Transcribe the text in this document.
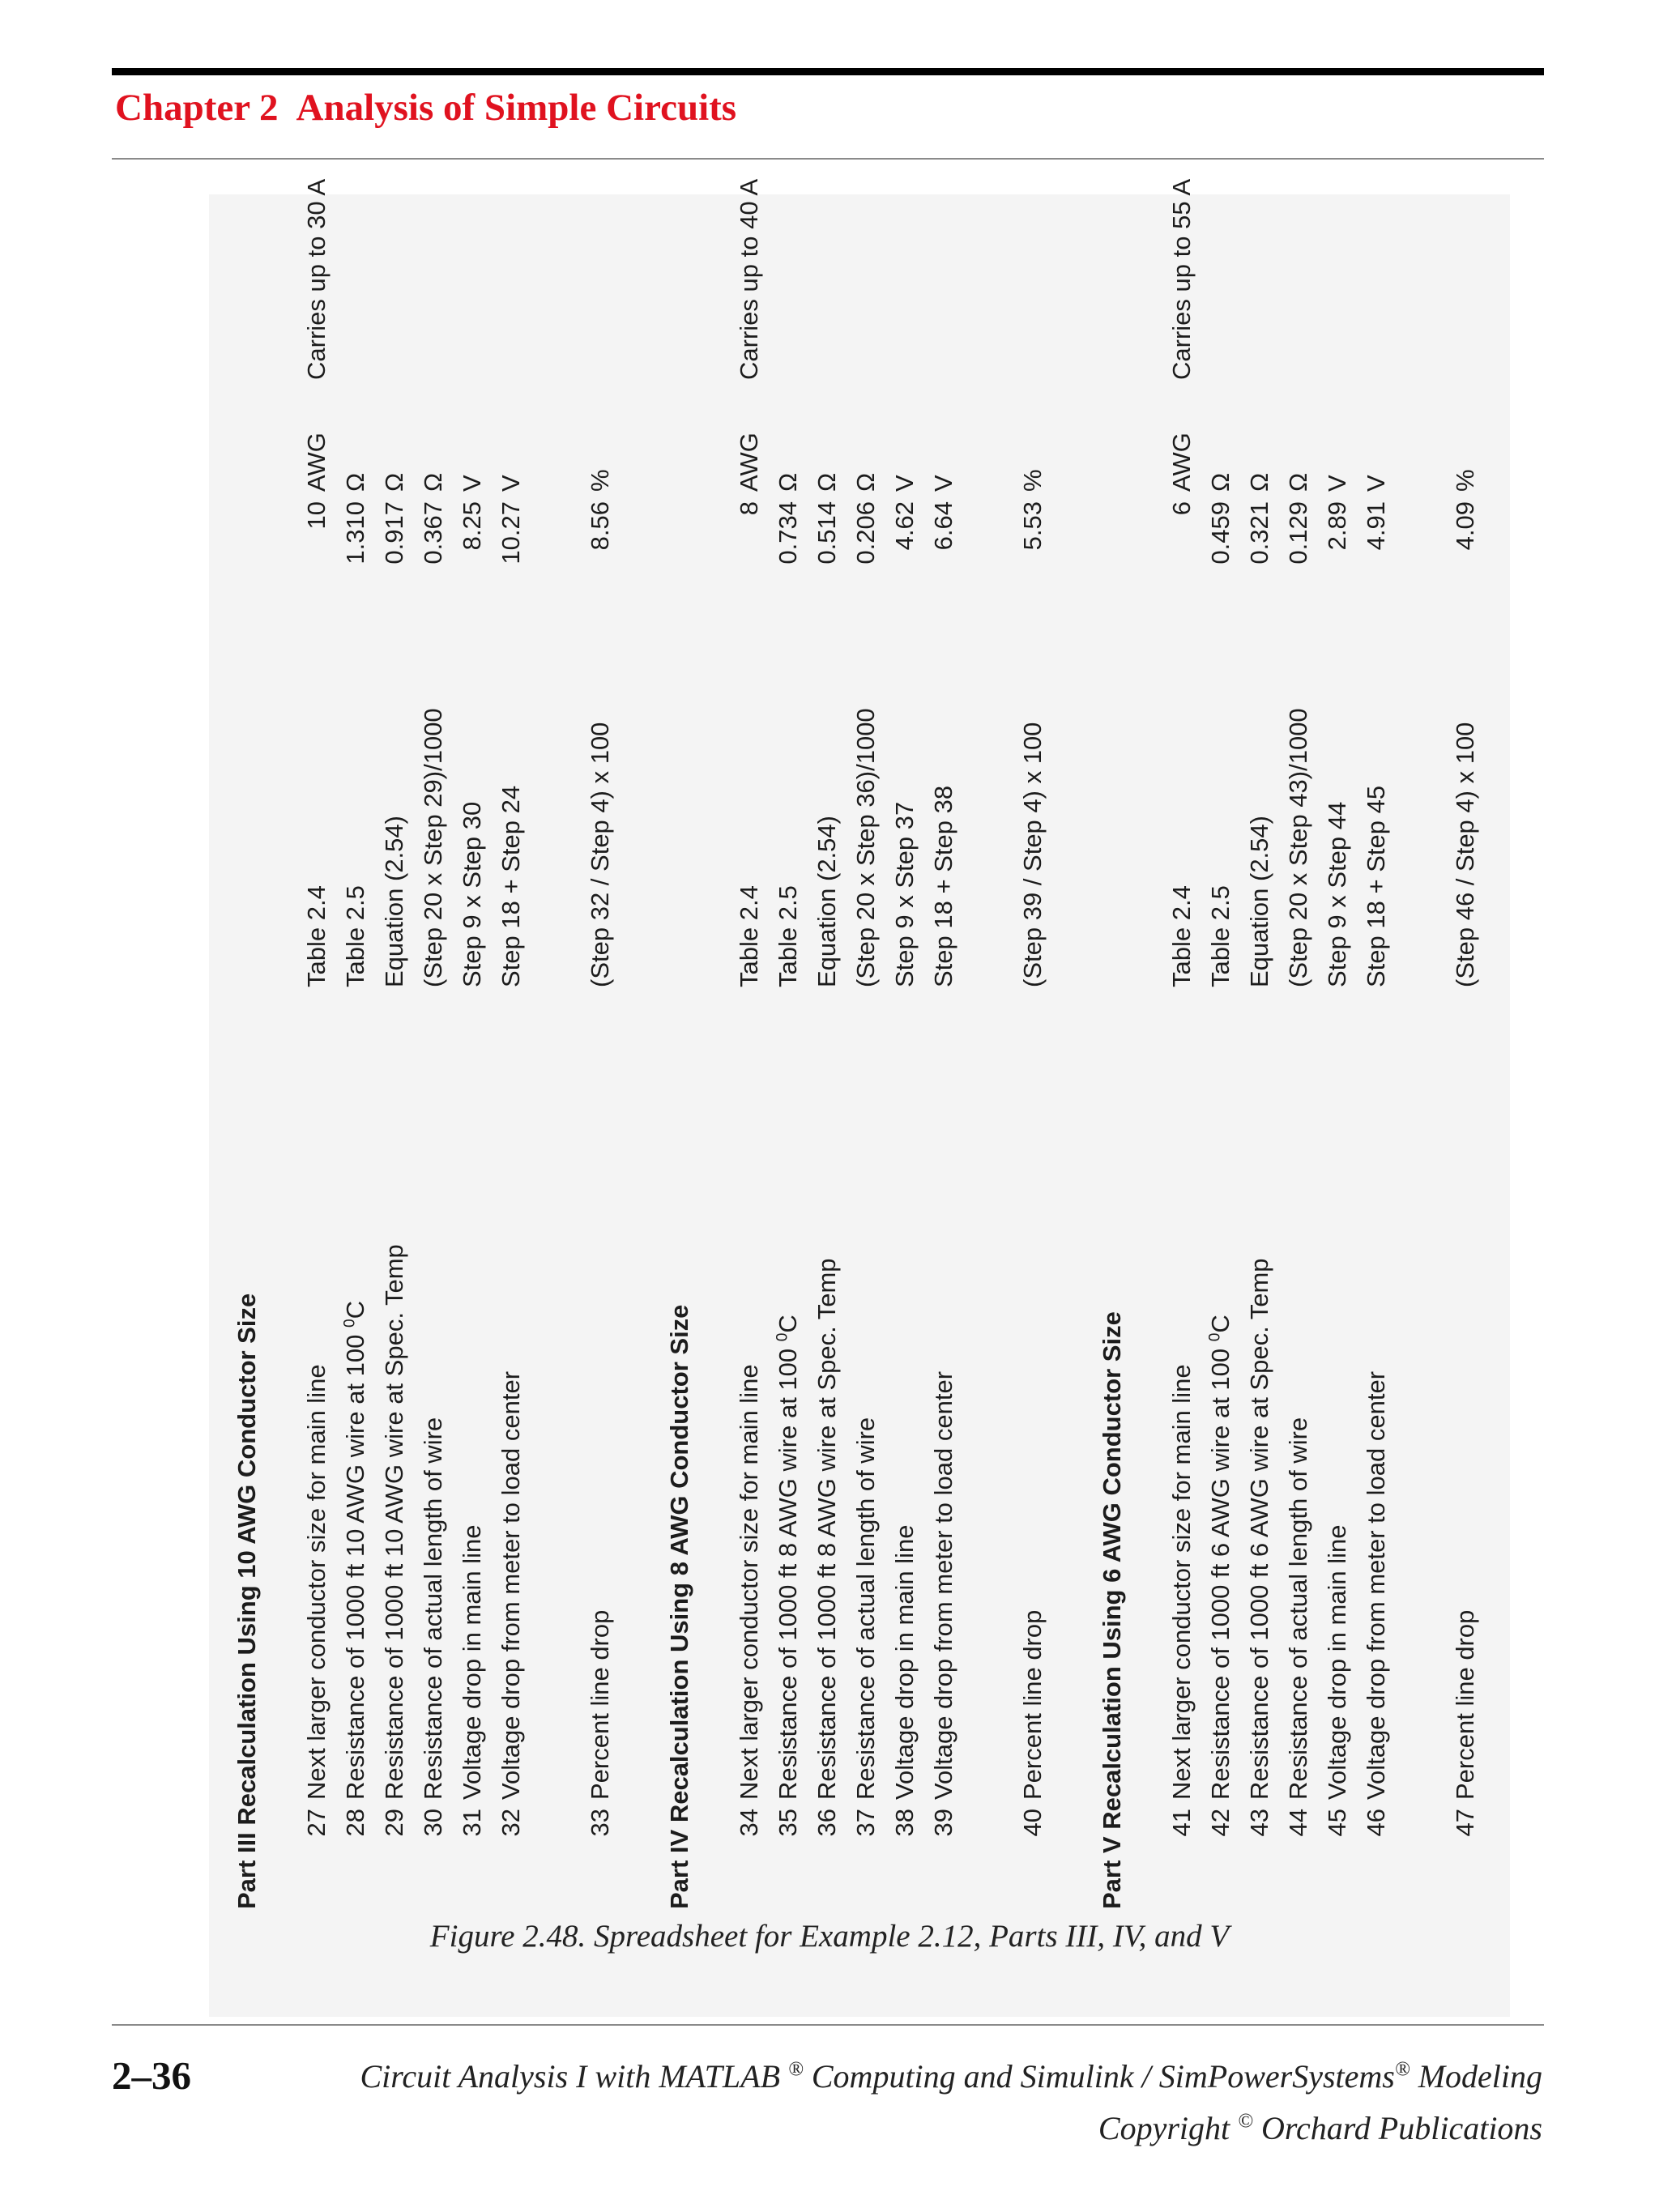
Chapter 2 Analysis of Simple Circuits
Part III Recalculation Using 10 AWG Conductor Size 27
Next larger conductor size for main line
Table 2.4
10
AWG
Carries up to 30 A
28
Resistance of 1000 ft 10 AWG wire at 100 $^0$C
Table 2.5
1.310
Ω
29
Resistance of 1000 ft 10 AWG wire at Spec. Temp
Equation (2.54)
0.917
Ω
30
Resistance of actual length of wire
(Step 20 x Step 29)/1000
0.367
Ω
31
Voltage drop in main line
Step 9 x Step 30
8.25
V
32
Voltage drop from meter to load center
Step 18 + Step 24
10.27
V
33
Percent line drop
(Step 32 / Step 4) x 100
8.56
%
Part IV Recalculation Using 8 AWG Conductor Size 34
Next larger conductor size for main line
Table 2.4
8
AWG
Carries up to 40 A
35
Resistance of 1000 ft 8 AWG wire at 100 $^0$C
Table 2.5
0.734
Ω
36
Resistance of 1000 ft 8 AWG wire at Spec. Temp
Equation (2.54)
0.514
Ω
37
Resistance of actual length of wire
(Step 20 x Step 36)/1000
0.206
Ω
38
Voltage drop in main line
Step 9 x Step 37
4.62
V
39
Voltage drop from meter to load center
Step 18 + Step 38
6.64
V
40
Percent line drop
(Step 39 / Step 4) x 100
5.53
%
Part V Recalculation Using 6 AWG Conductor Size 41
Next larger conductor size for main line
Table 2.4
6
AWG
Carries up to 55 A
42
Resistance of 1000 ft 6 AWG wire at 100 $^0$C
Table 2.5
0.459
Ω
43
Resistance of 1000 ft 6 AWG wire at Spec. Temp
Equation (2.54)
0.321
Ω
44
Resistance of actual length of wire
(Step 20 x Step 43)/1000
0.129
Ω
45
Voltage drop in main line
Step 9 x Step 44
2.89
V
46
Voltage drop from meter to load center
Step 18 + Step 45
4.91
V
47
Percent line drop
(Step 46 / Step 4) x 100
4.09
%

Figure 2.48. Spreadsheet for Example 2.12, Parts III, IV, and V

2–36	Circuit Analysis I with MATLAB ® Computing and Simulink / SimPowerSystems® Modeling

Copyright © Orchard Publications
